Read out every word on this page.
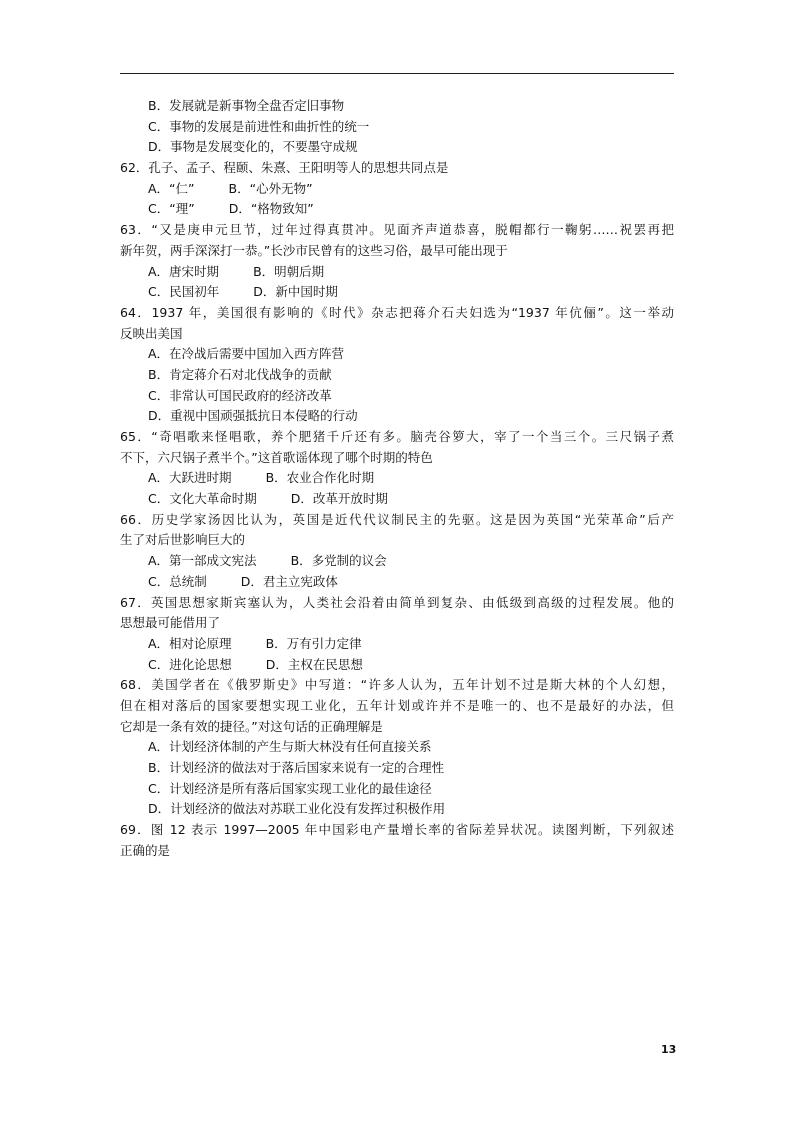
B．发展就是新事物全盘否定旧事物
C．事物的发展是前进性和曲折性的统一
D．事物是发展变化的，不要墨守成规
62．孔子、孟子、程颐、朱熹、王阳明等人的思想共同点是
A．“仁”	B．“心外无物”
C．“理”	D．“格物致知”
63．“又是庚申元旦节，过年过得真贯冲。见面齐声道恭喜，脱帽都行一鞠躬……祝罢再把
新年贺，两手深深打一恭。”长沙市民曾有的这些习俗，最早可能出现于
A．唐宋时期	B．明朝后期
C．民国初年	D．新中国时期
64．1937 年，美国很有影响的《时代》杂志把蒋介石夫妇选为“1937 年伉俪”。这一举动
反映出美国
A．在冷战后需要中国加入西方阵营
B．肯定蒋介石对北伐战争的贡献
C．非常认可国民政府的经济改革
D．重视中国顽强抵抗日本侵略的行动
65．“奇唱歌来怪唱歌，养个肥猪千斤还有多。脑壳谷箩大，宰了一个当三个。三尺锅子煮
不下，六尺锅子煮半个。”这首歌谣体现了哪个时期的特色
A．大跃进时期	B．农业合作化时期
C．文化大革命时期	D．改革开放时期
66．历史学家汤因比认为，英国是近代代议制民主的先驱。这是因为英国“光荣革命”后产
生了对后世影响巨大的
A．第一部成文宪法	B．多党制的议会
C．总统制	D．君主立宪政体
67．英国思想家斯宾塞认为，人类社会沿着由简单到复杂、由低级到高级的过程发展。他的
思想最可能借用了
A．相对论原理	B．万有引力定律
C．进化论思想	D．主权在民思想
68．美国学者在《俄罗斯史》中写道：“许多人认为，五年计划不过是斯大林的个人幻想，
但在相对落后的国家要想实现工业化，五年计划或许并不是唯一的、也不是最好的办法，但
它却是一条有效的捷径。”对这句话的正确理解是
A．计划经济体制的产生与斯大林没有任何直接关系
B．计划经济的做法对于落后国家来说有一定的合理性
C．计划经济是所有落后国家实现工业化的最佳途径
D．计划经济的做法对苏联工业化没有发挥过积极作用
69．图 12 表示 1997—2005 年中国彩电产量增长率的省际差异状况。读图判断，下列叙述
正确的是
13
